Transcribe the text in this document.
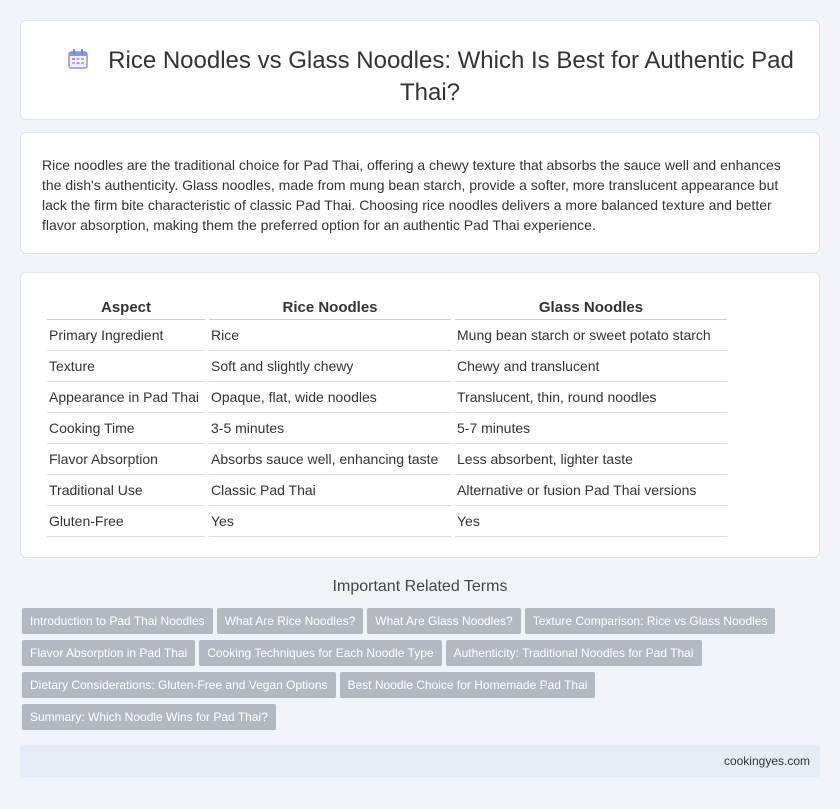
Rice Noodles vs Glass Noodles: Which Is Best for Authentic Pad Thai?

Rice noodles are the traditional choice for Pad Thai, offering a chewy texture that absorbs the sauce well and enhances the dish's authenticity. Glass noodles, made from mung bean starch, provide a softer, more translucent appearance but lack the firm bite characteristic of classic Pad Thai. Choosing rice noodles delivers a more balanced texture and better flavor absorption, making them the preferred option for an authentic Pad Thai experience.

Aspect	Rice Noodles	Glass Noodles
Primary Ingredient	Rice	Mung bean starch or sweet potato starch
Texture	Soft and slightly chewy	Chewy and translucent
Appearance in Pad Thai	Opaque, flat, wide noodles	Translucent, thin, round noodles
Cooking Time	3-5 minutes	5-7 minutes
Flavor Absorption	Absorbs sauce well, enhancing taste	Less absorbent, lighter taste
Traditional Use	Classic Pad Thai	Alternative or fusion Pad Thai versions
Gluten-Free	Yes	Yes
Important Related Terms
Introduction to Pad Thai Noodles What Are Rice Noodles? What Are Glass Noodles? Texture Comparison: Rice vs Glass Noodles
Flavor Absorption in Pad Thai Cooking Techniques for Each Noodle Type Authenticity: Traditional Noodles for Pad Thai
Dietary Considerations: Gluten-Free and Vegan Options Best Noodle Choice for Homemade Pad Thai
Summary: Which Noodle Wins for Pad Thai?
cookingyes.com
